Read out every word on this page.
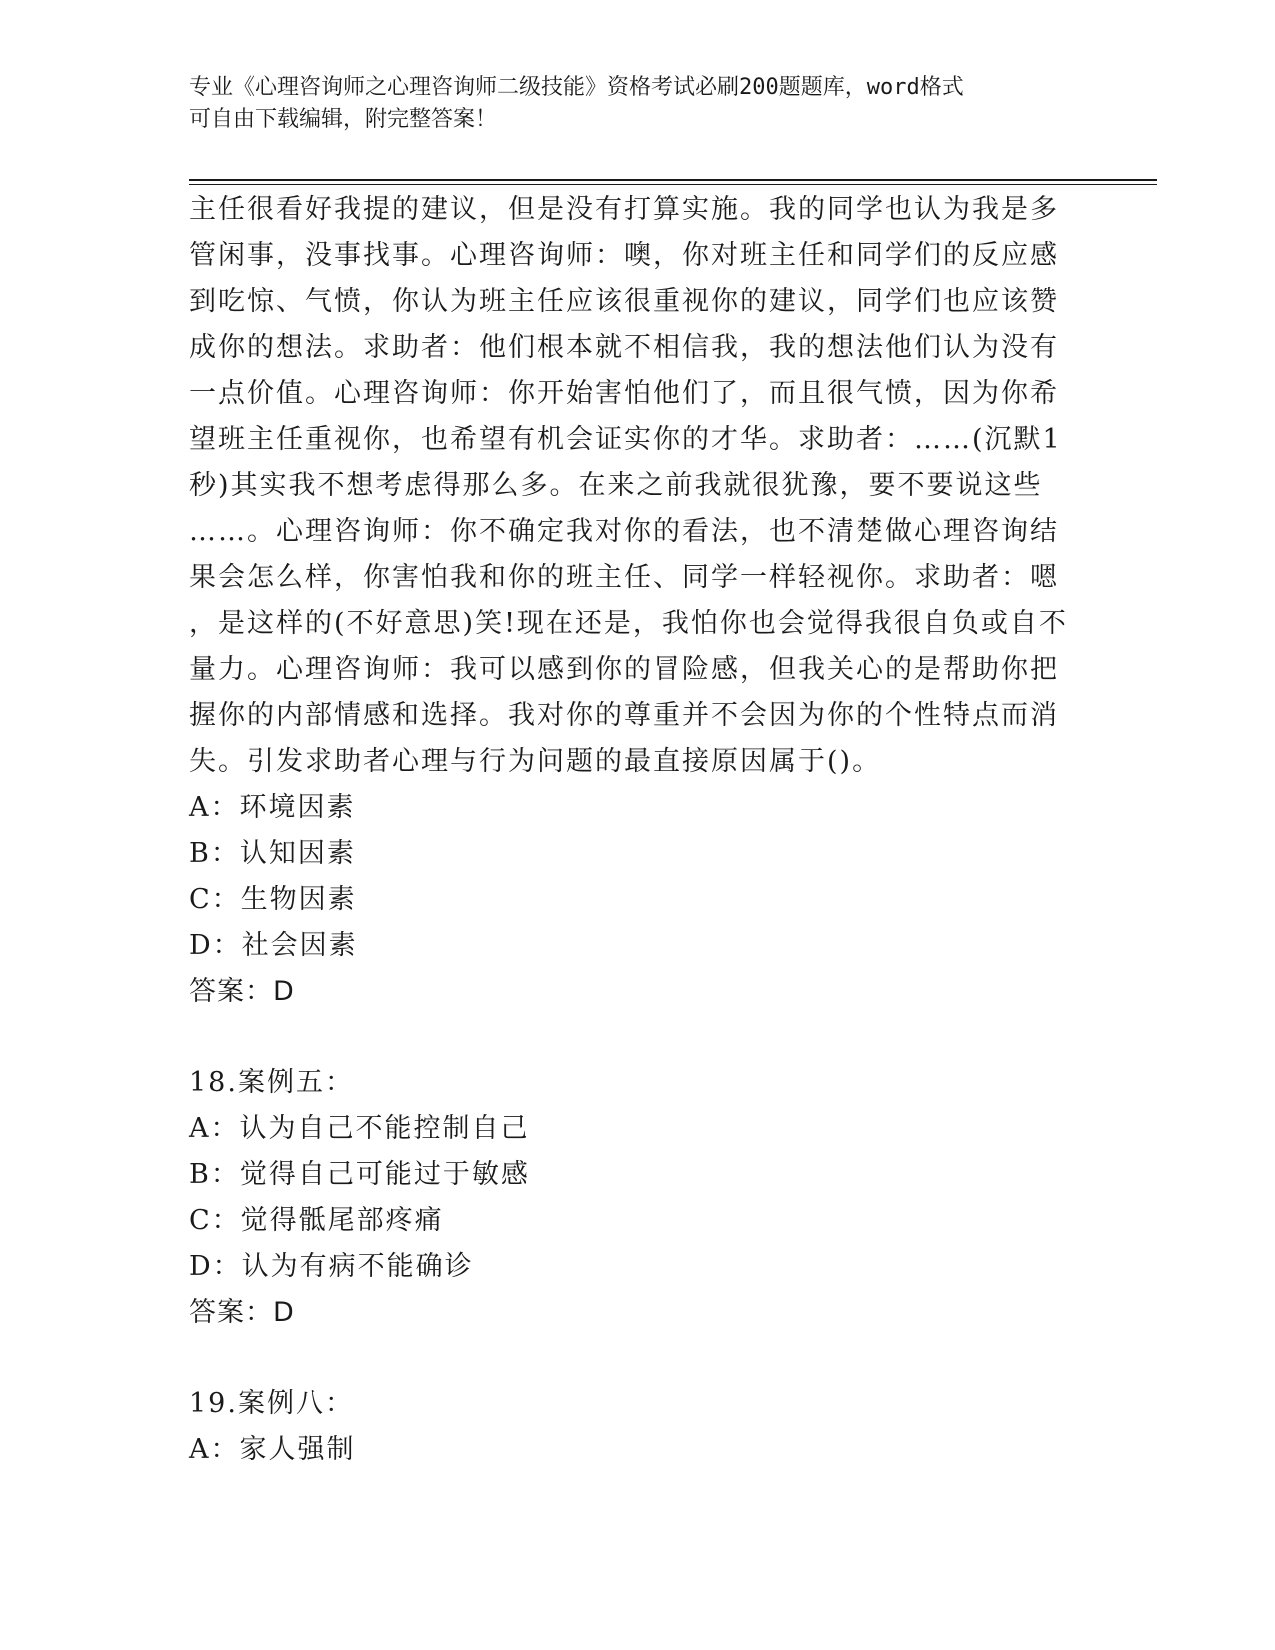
专业《心理咨询师之心理咨询师二级技能》资格考试必刷200题题库，word格式
可自由下载编辑，附完整答案！
主任很看好我提的建议，但是没有打算实施。我的同学也认为我是多
管闲事，没事找事。心理咨询师：噢，你对班主任和同学们的反应感
到吃惊、气愤，你认为班主任应该很重视你的建议，同学们也应该赞
成你的想法。求助者：他们根本就不相信我，我的想法他们认为没有
一点价值。心理咨询师：你开始害怕他们了，而且很气愤，因为你希
望班主任重视你，也希望有机会证实你的才华。求助者：……(沉默1
秒)其实我不想考虑得那么多。在来之前我就很犹豫，要不要说这些
……。心理咨询师：你不确定我对你的看法，也不清楚做心理咨询结
果会怎么样，你害怕我和你的班主任、同学一样轻视你。求助者：嗯
，是这样的(不好意思)笑!现在还是，我怕你也会觉得我很自负或自不
量力。心理咨询师：我可以感到你的冒险感，但我关心的是帮助你把
握你的内部情感和选择。我对你的尊重并不会因为你的个性特点而消
失。引发求助者心理与行为问题的最直接原因属于()。
A：环境因素
B：认知因素
C：生物因素
D：社会因素
答案：D
18.案例五：
A：认为自己不能控制自己
B：觉得自己可能过于敏感
C：觉得骶尾部疼痛
D：认为有病不能确诊
答案：D
19.案例八：
A：家人强制
